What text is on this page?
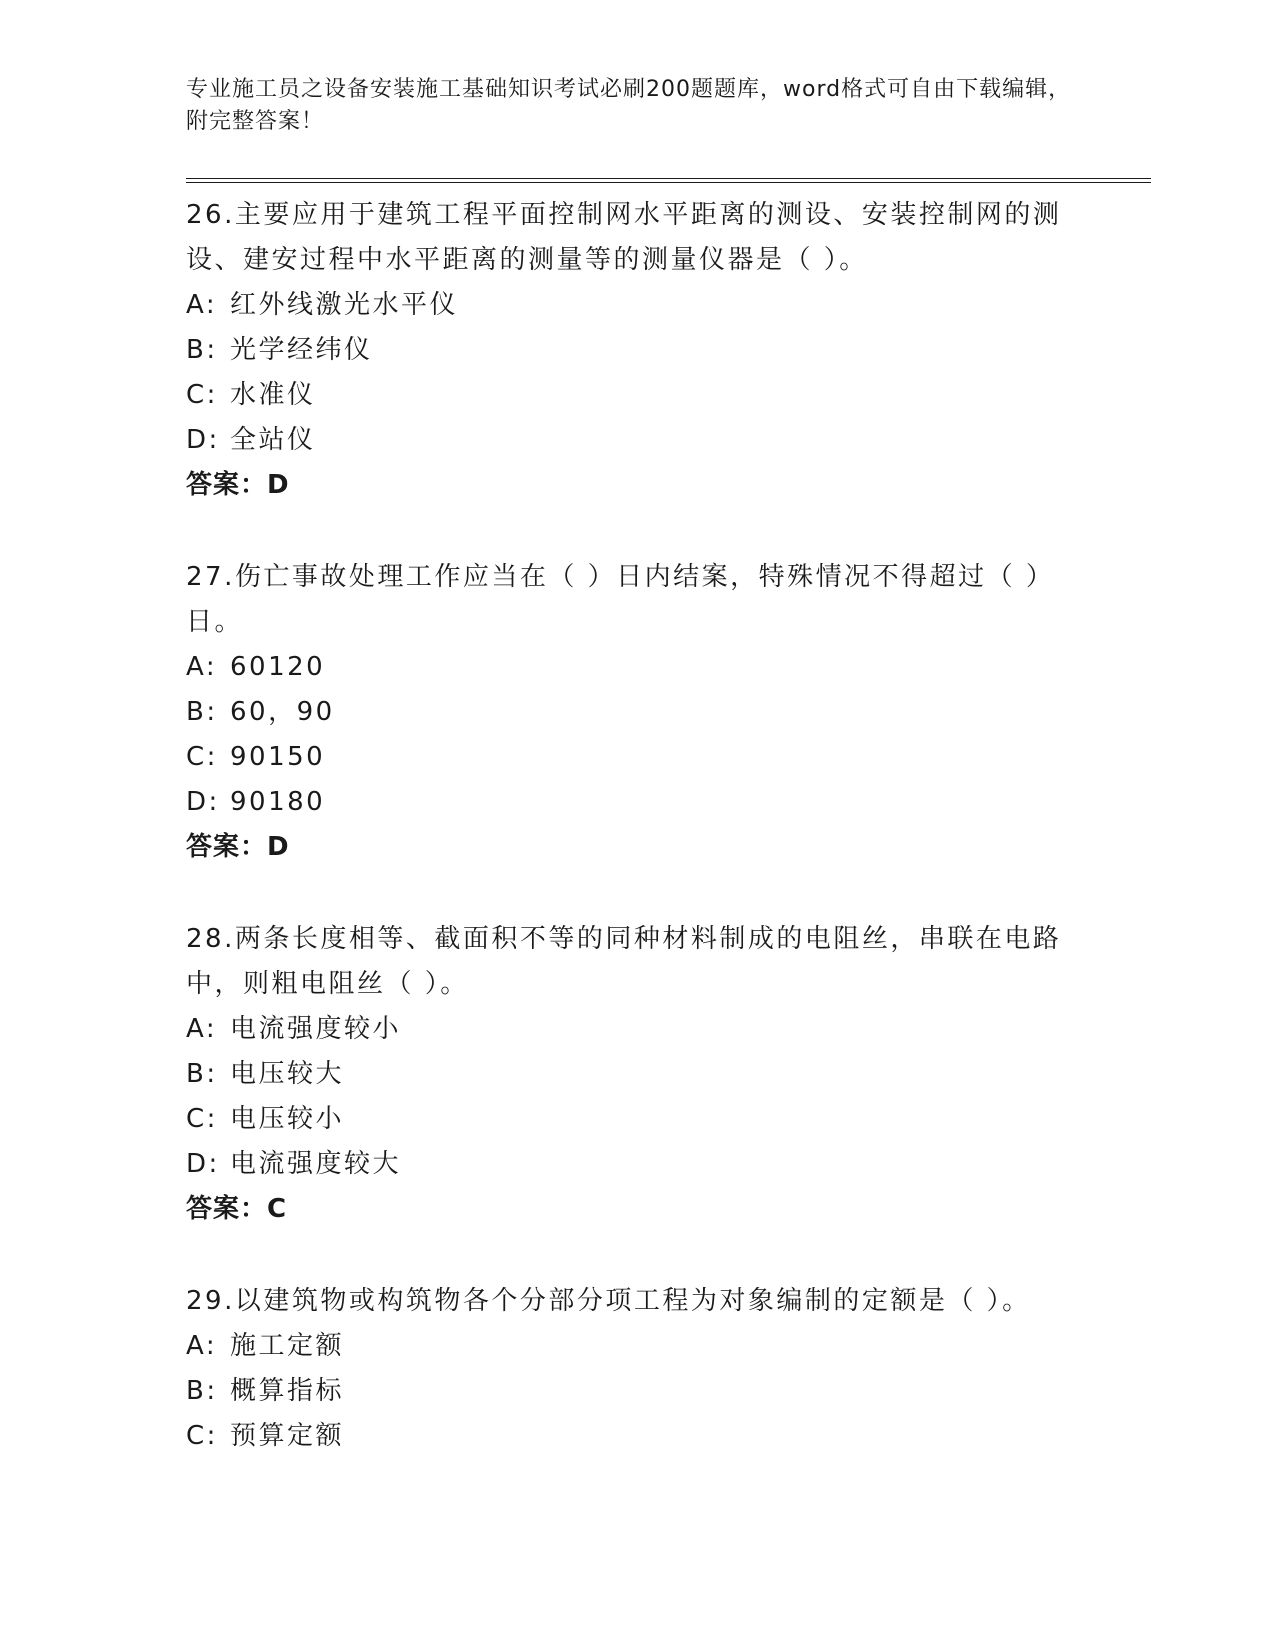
专业施工员之设备安装施工基础知识考试必刷200题题库，word格式可自由下载编辑，附完整答案！
26.主要应用于建筑工程平面控制网水平距离的测设、安装控制网的测设、建安过程中水平距离的测量等的测量仪器是（ ）。
A: 红外线激光水平仪
B: 光学经纬仪
C: 水准仪
D: 全站仪
答案：D
27.伤亡事故处理工作应当在（ ）日内结案，特殊情况不得超过（ ）日。
A: 60120
B: 60，90
C: 90150
D: 90180
答案：D
28.两条长度相等、截面积不等的同种材料制成的电阻丝，串联在电路中，则粗电阻丝（ ）。
A: 电流强度较小
B: 电压较大
C: 电压较小
D: 电流强度较大
答案：C
29.以建筑物或构筑物各个分部分项工程为对象编制的定额是（ ）。
A: 施工定额
B: 概算指标
C: 预算定额
